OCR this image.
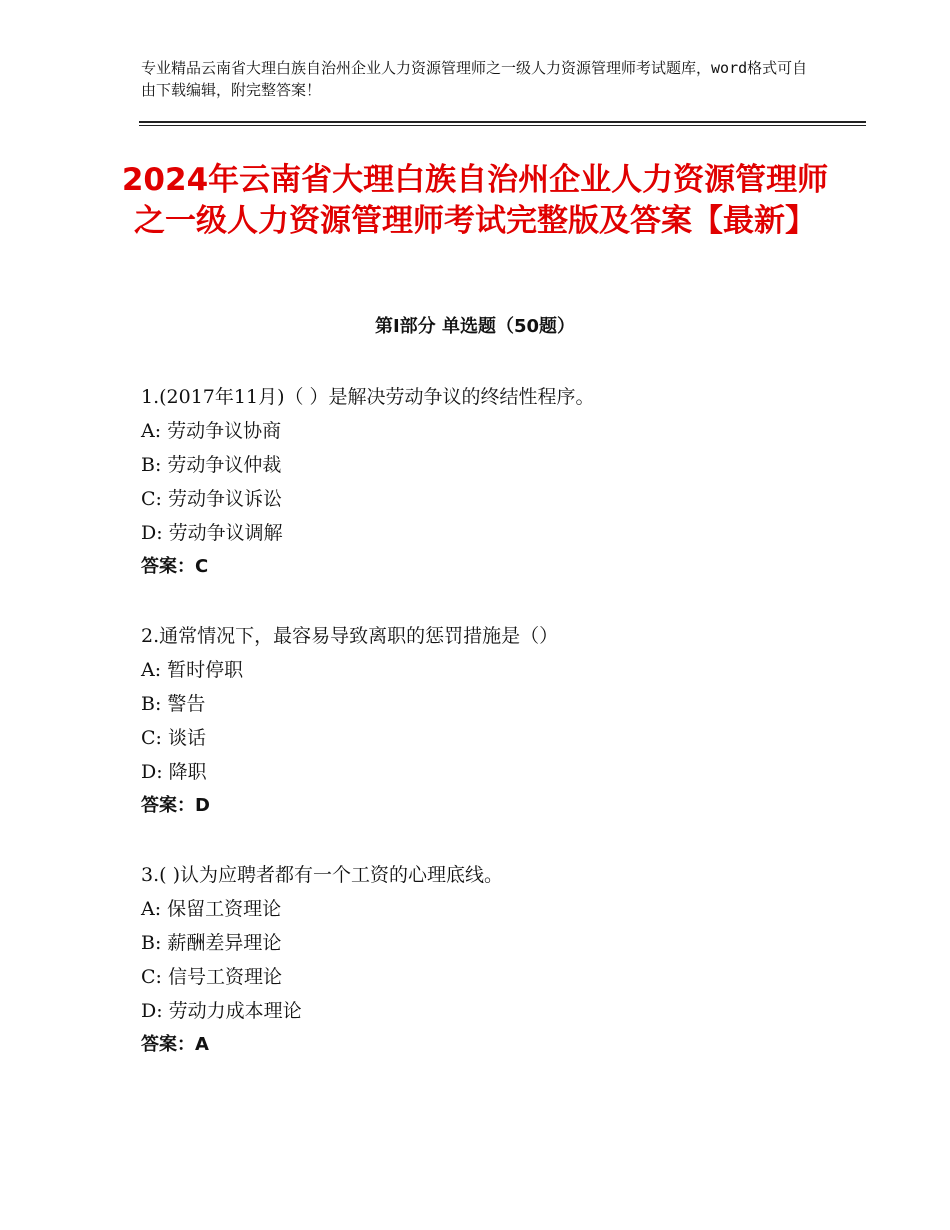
专业精品云南省大理白族自治州企业人力资源管理师之一级人力资源管理师考试题库，word格式可自由下载编辑，附完整答案！
2024年云南省大理白族自治州企业人力资源管理师之一级人力资源管理师考试完整版及答案【最新】
第Ⅰ部分 单选题（50题）
1.(2017年11月)（ ）是解决劳动争议的终结性程序。
A: 劳动争议协商
B: 劳动争议仲裁
C: 劳动争议诉讼
D: 劳动争议调解
答案：C
2.通常情况下，最容易导致离职的惩罚措施是（）
A: 暂时停职
B: 警告
C: 谈话
D: 降职
答案：D
3.( )认为应聘者都有一个工资的心理底线。
A: 保留工资理论
B: 薪酬差异理论
C: 信号工资理论
D: 劳动力成本理论
答案：A
